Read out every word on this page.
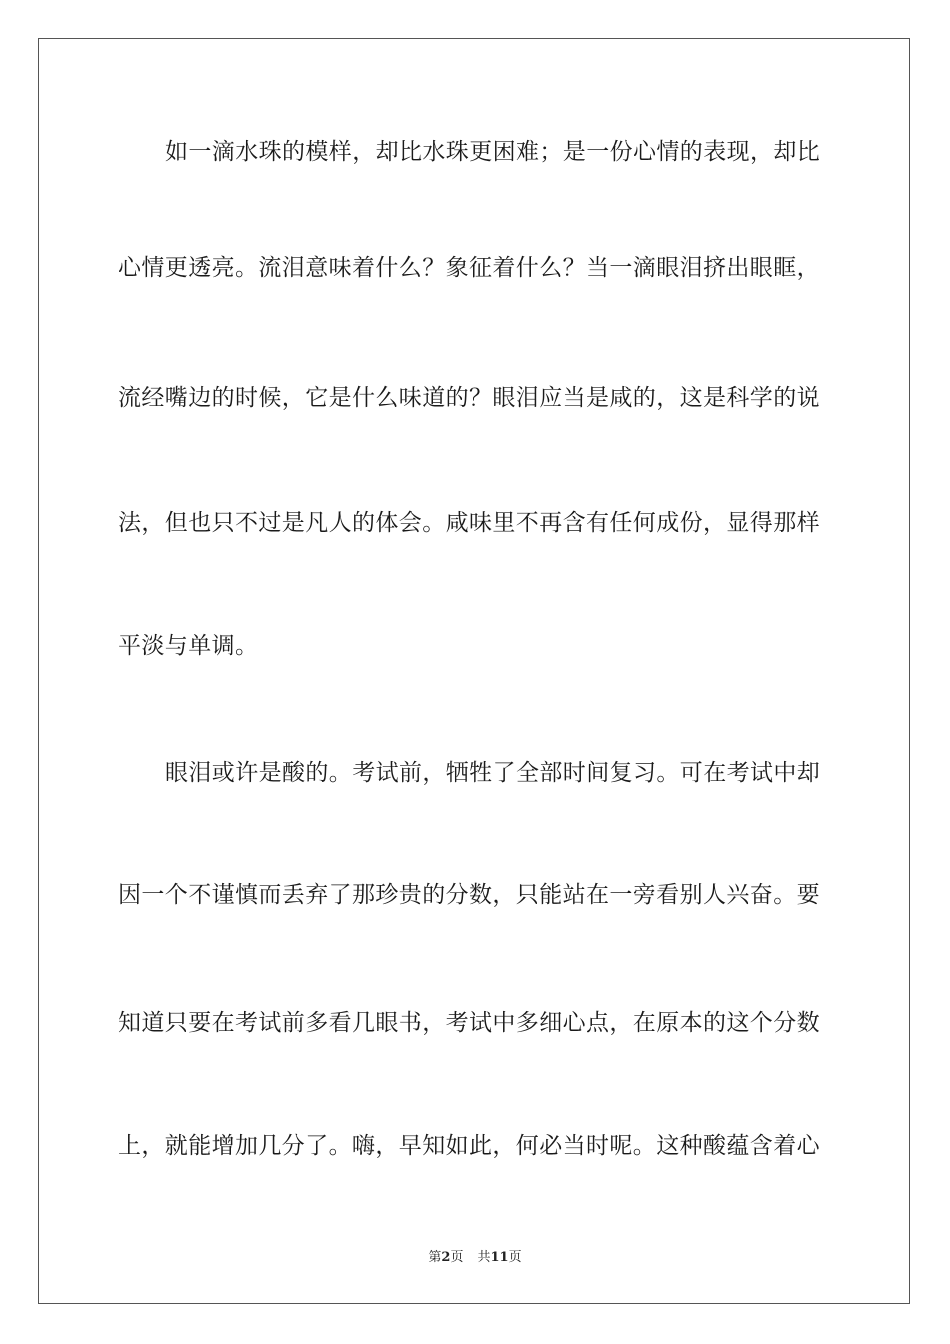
如一滴水珠的模样，却比水珠更困难；是一份心情的表现，却比

心情更透亮。流泪意味着什么？象征着什么？当一滴眼泪挤出眼眶，

流经嘴边的时候，它是什么味道的？眼泪应当是咸的，这是科学的说

法，但也只不过是凡人的体会。咸味里不再含有任何成份，显得那样

平淡与单调。

眼泪或许是酸的。考试前，牺牲了全部时间复习。可在考试中却

因一个不谨慎而丢弃了那珍贵的分数，只能站在一旁看别人兴奋。要

知道只要在考试前多看几眼书，考试中多细心点，在原本的这个分数

上，就能增加几分了。嗨，早知如此，何必当时呢。这种酸蕴含着心

第2页 共11页
